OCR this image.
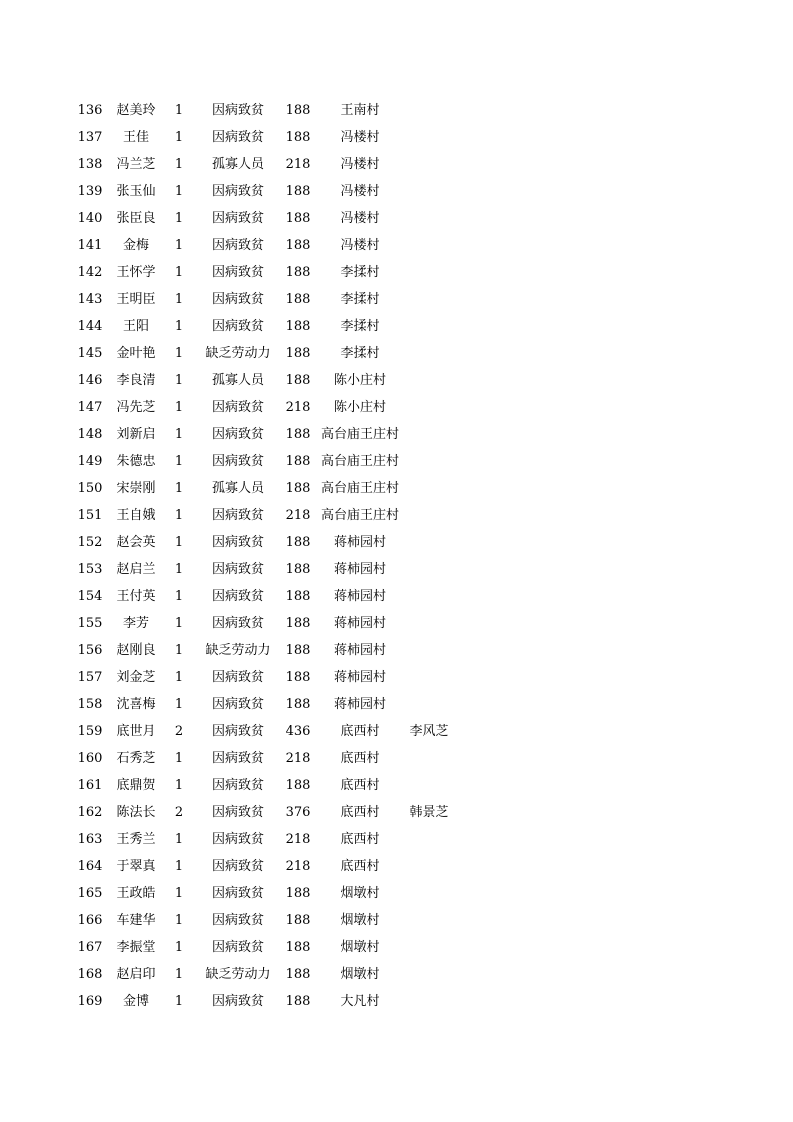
136	赵美玲	1	因病致贫	188	王南村
137	王佳	1	因病致贫	188	冯楼村
138	冯兰芝	1	孤寡人员	218	冯楼村
139	张玉仙	1	因病致贫	188	冯楼村
140	张臣良	1	因病致贫	188	冯楼村
141	金梅	1	因病致贫	188	冯楼村
142	王怀学	1	因病致贫	188	李揉村
143	王明臣	1	因病致贫	188	李揉村
144	王阳	1	因病致贫	188	李揉村
145	金叶艳	1	缺乏劳动力	188	李揉村
146	李良清	1	孤寡人员	188	陈小庄村
147	冯先芝	1	因病致贫	218	陈小庄村
148	刘新启	1	因病致贫	188 高台庙王庄村
149	朱德忠	1	因病致贫	188 高台庙王庄村
150	宋崇刚	1	孤寡人员	188 高台庙王庄村
151	王自娥	1	因病致贫	218 高台庙王庄村
152	赵会英	1	因病致贫	188	蒋柿园村
153	赵启兰	1	因病致贫	188	蒋柿园村
154	王付英	1	因病致贫	188	蒋柿园村
155	李芳	1	因病致贫	188	蒋柿园村
156	赵刚良	1	缺乏劳动力	188	蒋柿园村
157	刘金芝	1	因病致贫	188	蒋柿园村
158	沈喜梅	1	因病致贫	188	蒋柿园村
159	底世月	2	因病致贫	436	底西村	李风芝
160	石秀芝	1	因病致贫	218	底西村
161	底鼎贺	1	因病致贫	188	底西村
162	陈法长	2	因病致贫	376	底西村	韩景芝
163	王秀兰	1	因病致贫	218	底西村
164	于翠真	1	因病致贫	218	底西村
165	王政皓	1	因病致贫	188	烟墩村
166	车建华	1	因病致贫	188	烟墩村
167	李振堂	1	因病致贫	188	烟墩村
168	赵启印	1	缺乏劳动力	188	烟墩村
169	金博	1	因病致贫	188	大凡村
